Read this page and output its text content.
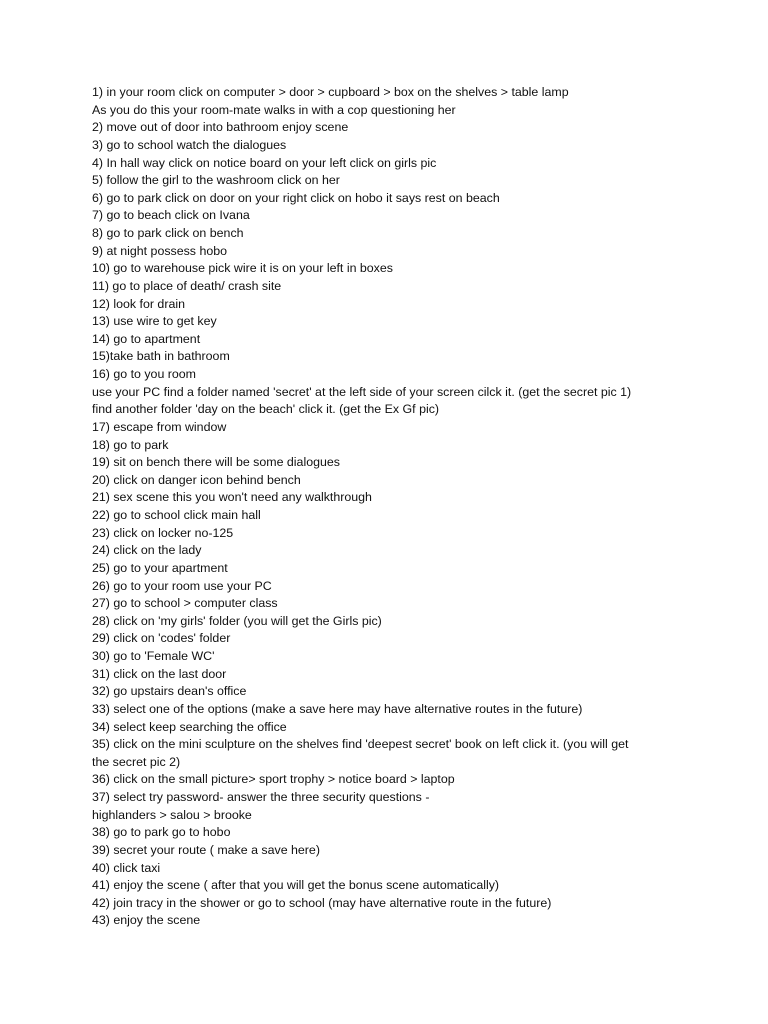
1) in your room click on computer > door > cupboard > box on the shelves > table lamp
As you do this your room-mate walks in with a cop questioning her
2) move out of door into bathroom enjoy scene
3) go to school watch the dialogues
4) In hall way click on notice board on your left click on girls pic
5) follow the girl to the washroom click on her
6) go to park click on door on your right click on hobo it says rest on beach
7) go to beach click on Ivana
8) go to park click on bench
9) at night possess hobo
10) go to warehouse pick wire it is on your left in boxes
11) go to place of death/ crash site
12) look for drain
13) use wire to get key
14) go to apartment
15)take bath in bathroom
16) go to you room
use your PC find a folder named 'secret' at the left side of your screen cilck it. (get the secret pic 1)
find another folder 'day on the beach' click it. (get the Ex Gf pic)
17) escape from window
18) go to park
19) sit on bench there will be some dialogues
20) click on danger icon behind bench
21) sex scene this you won't need any walkthrough
22) go to school click main hall
23) click on locker no-125
24) click on the lady
25) go to your apartment
26) go to your room use your PC
27) go to school > computer class
28) click on 'my girls' folder (you will get the Girls pic)
29) click on 'codes' folder
30) go to 'Female WC'
31) click on the last door
32) go upstairs dean's office
33) select one of the options (make a save here may have alternative routes in the future)
34) select keep searching the office
35) click on the mini sculpture on the shelves find 'deepest secret' book on left click it. (you will get
the secret pic 2)
36) click on the small picture> sport trophy > notice board > laptop
37) select try password- answer the three security questions -
highlanders > salou > brooke
38) go to park go to hobo
39) secret your route ( make a save here)
40) click taxi
41) enjoy the scene ( after that you will get the bonus scene automatically)
42) join tracy in the shower or go to school (may have alternative route in the future)
43) enjoy the scene
